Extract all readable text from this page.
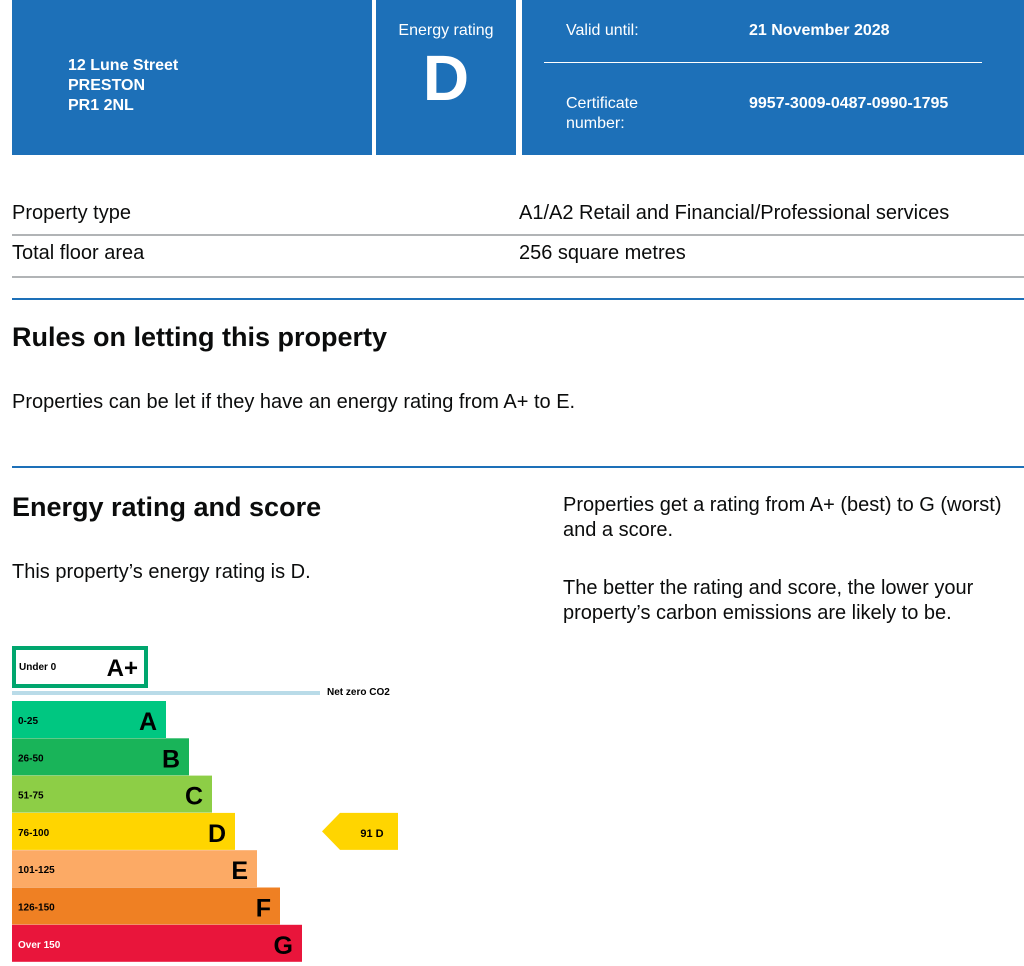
12 Lune Street
PRESTON
PR1 2NL
Energy rating
D
Valid until:	21 November 2028
Certificate number:
9957-3009-0487-0990-1795
Property type	A1/A2 Retail and Financial/Professional services
Total floor area	256 square metres
Rules on letting this property
Properties can be let if they have an energy rating from A+ to E.
Energy rating and score
This property’s energy rating is D.
Properties get a rating from A+ (best) to G (worst) and a score.
The better the rating and score, the lower your property’s carbon emissions are likely to be.
Under 0 A+
Net zero CO2
0-25	A
26-50	B
51-75	C
76-100	D
101-125	E
126-150	F
Over 150	G
91 D
